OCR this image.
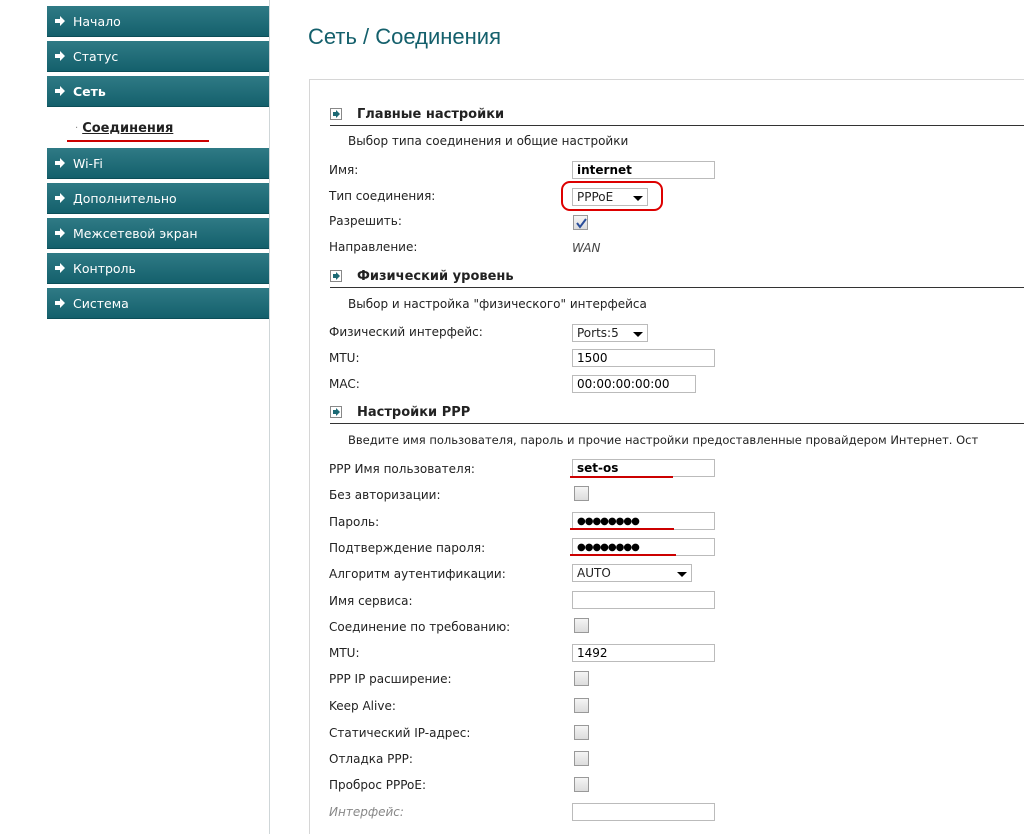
Начало
Статус
Сеть
· Соединения
Wi-Fi
Дополнительно
Межсетевой экран
Контроль
Система
Сеть / Соединения
Главные настройки
Выбор типа соединения и общие настройки
Имя:
internet
Тип соединения:	PPPoE
Разрешить:
Направление:	WAN
Физический уровень
Выбор и настройка "физического" интерфейса
Физический интерфейс:	Ports:5
MTU:
1500
MAC:
00:00:00:00:00
Настройки PPP
Введите имя пользователя, пароль и прочие настройки предоставленные провайдером Интернет. Ост
PPP Имя пользователя:
set-os
Без авторизации:
Пароль:
●●●●●●●●
Подтверждение пароля:
●●●●●●●●
Алгоритм аутентификации:	AUTO
Имя сервиса:
Соединение по требованию:
MTU:
1492
PPP IP расширение:
Keep Alive:
Статический IP-адрес:
Отладка PPP:
Проброс PPPoE:
Интерфейс:
